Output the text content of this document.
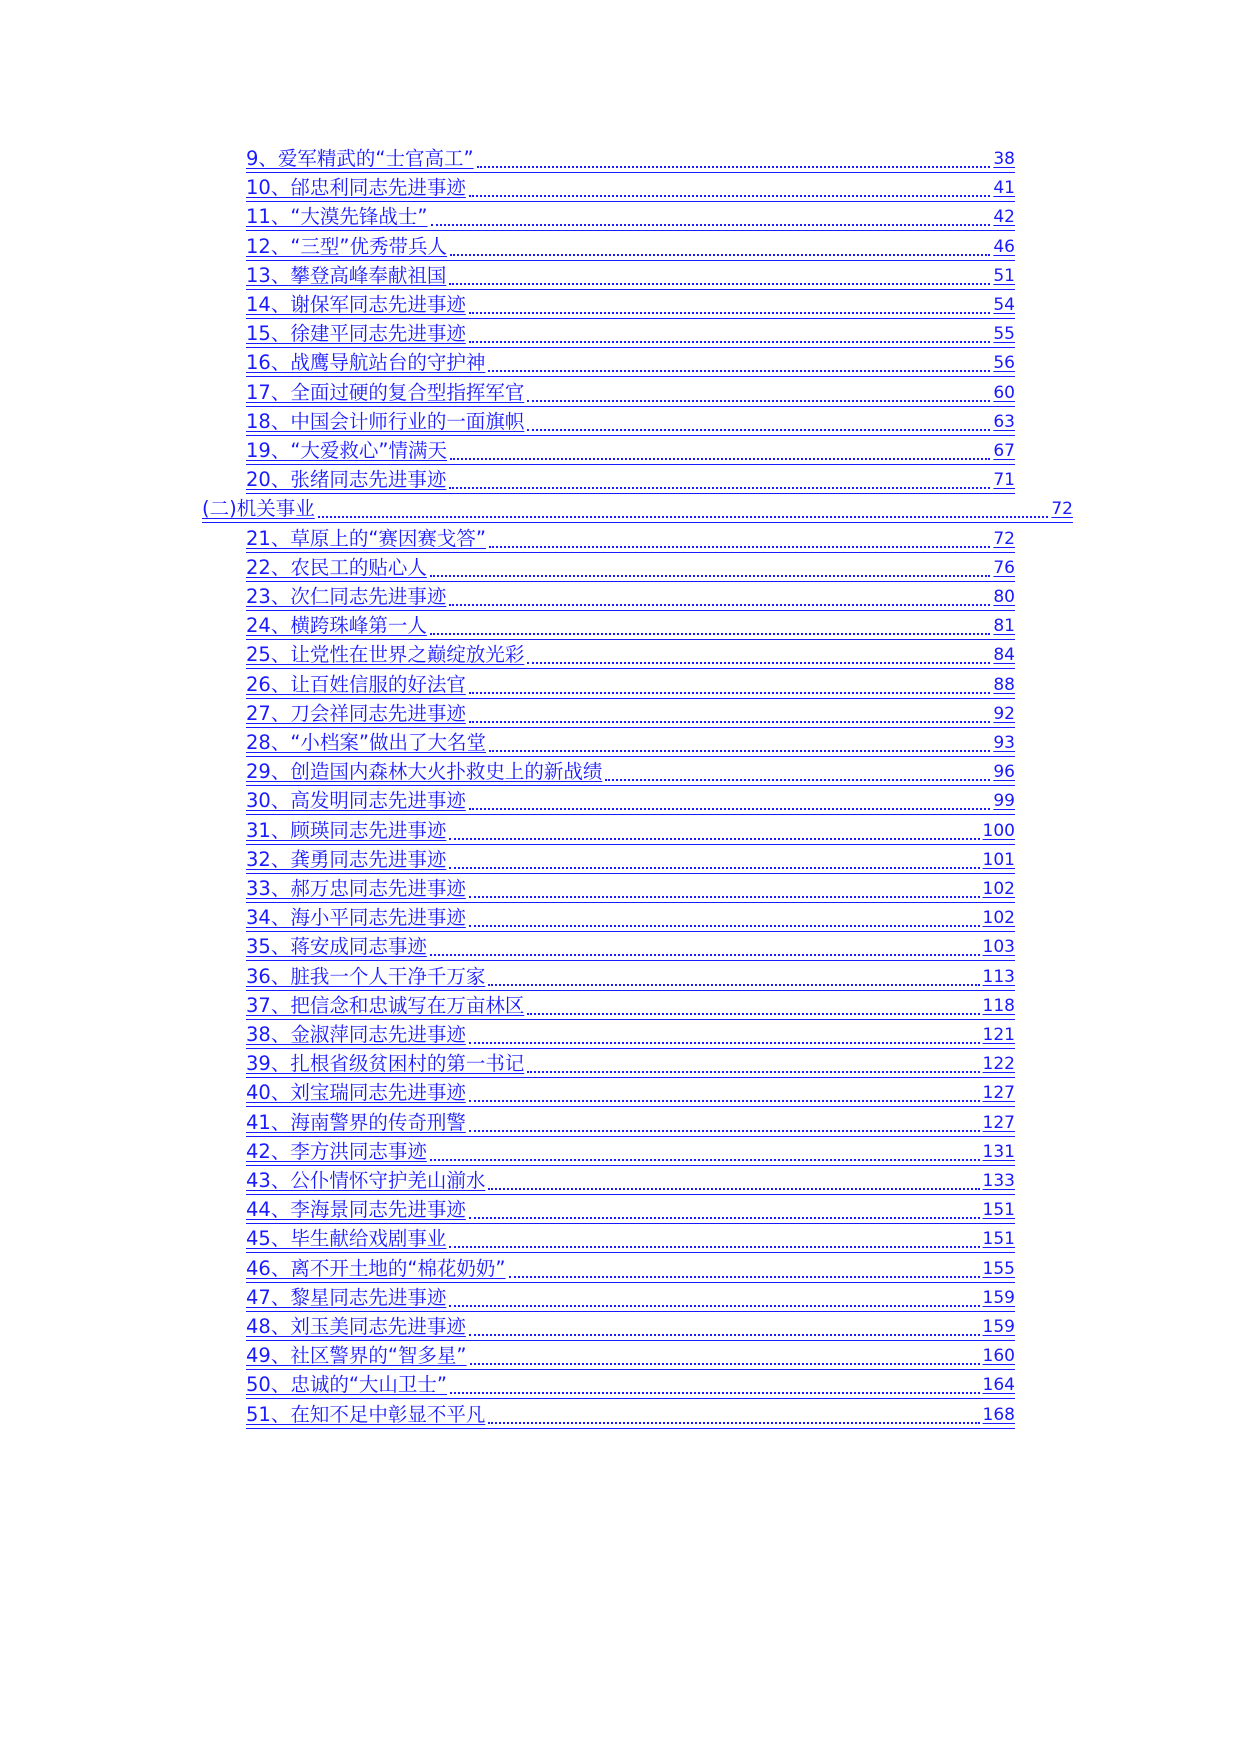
9、爱军精武的“士官高工”	38
10、邰忠利同志先进事迹	41
11、“大漠先锋战士”	42
12、“三型”优秀带兵人	46
13、攀登高峰奉献祖国	51
14、谢保军同志先进事迹	54
15、徐建平同志先进事迹	55
16、战鹰导航站台的守护神	56
17、全面过硬的复合型指挥军官	60
18、中国会计师行业的一面旗帜	63
19、“大爱救心”情满天	67
20、张绪同志先进事迹	71
(二)机关事业	72
21、草原上的“赛因赛戈答”	72
22、农民工的贴心人	76
23、次仁同志先进事迹	80
24、横跨珠峰第一人	81
25、让党性在世界之巅绽放光彩	84
26、让百姓信服的好法官	88
27、刀会祥同志先进事迹	92
28、“小档案”做出了大名堂	93
29、创造国内森林大火扑救史上的新战绩	96
30、高发明同志先进事迹	99
31、顾瑛同志先进事迹	100
32、龚勇同志先进事迹	101
33、郝万忠同志先进事迹	102
34、海小平同志先进事迹	102
35、蒋安成同志事迹	103
36、脏我一个人干净千万家	113
37、把信念和忠诚写在万亩林区	118
38、金淑萍同志先进事迹	121
39、扎根省级贫困村的第一书记	122
40、刘宝瑞同志先进事迹	127
41、海南警界的传奇刑警	127
42、李方洪同志事迹	131
43、公仆情怀守护羌山湔水	133
44、李海景同志先进事迹	151
45、毕生献给戏剧事业	151
46、离不开土地的“棉花奶奶”	155
47、黎星同志先进事迹	159
48、刘玉美同志先进事迹	159
49、社区警界的“智多星”	160
50、忠诚的“大山卫士”	164
51、在知不足中彰显不平凡	168
